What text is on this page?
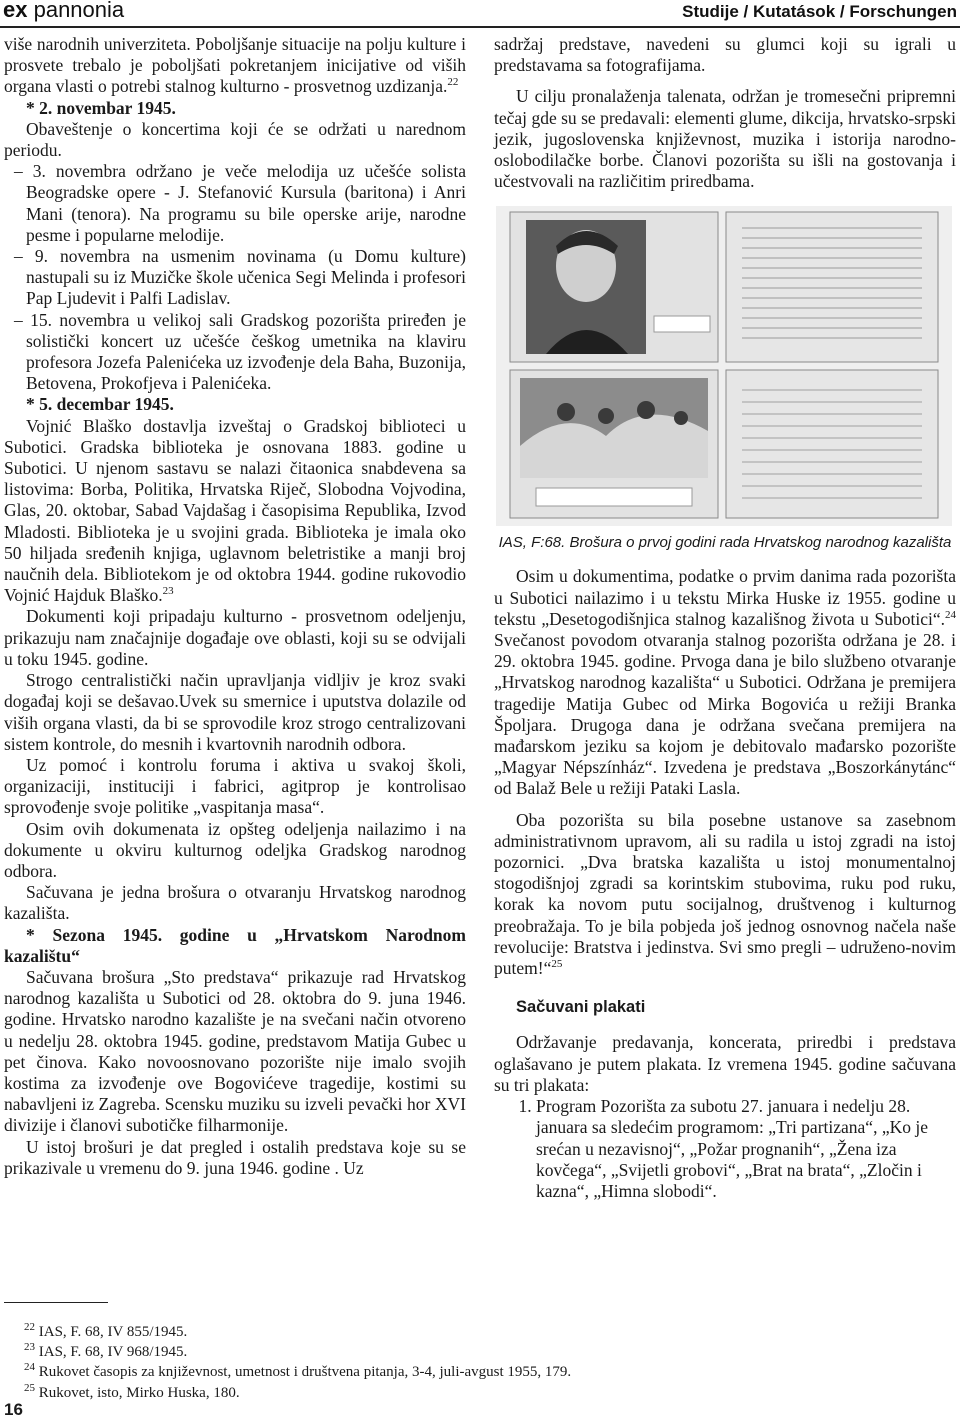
ex pannonia	Studije / Kutatások / Forschungen

više narodnih univerziteta. Poboljšanje situacije na polju kulture i prosvete trebalo je poboljšati pokretanjem inicijative od viših organa vlasti o potrebi stalnog kulturno - prosvetnog uzdizanja.$^{22}$

* 2. novembar 1945.

Obaveštenje o koncertima koji će se održati u narednom periodu.

– 3. novembra održano je veče melodija uz učešće solista Beogradske opere - J. Stefanović Kursula (baritona) i Anri Mani (tenora). Na programu su bile operske arije, narodne pesme i popularne melodije.

– 9. novembra na usmenim novinama (u Domu kulture) nastupali su iz Muzičke škole učenica Segi Melinda i profesori Pap Ljudevit i Palfi Ladislav.

– 15. novembra u velikoj sali Gradskog pozorišta priređen je solistički koncert uz učešće češkog umetnika na klaviru profesora Jozefa Palenićeka uz izvođenje dela Baha, Buzonija, Betovena, Prokofjeva i Palenićeka.

* 5. decembar 1945.

Vojnić Blaško dostavlja izveštaj o Gradskoj biblioteci u Subotici. Gradska biblioteka je osnovana 1883. godine u Subotici. U njenom sastavu se nalazi čitaonica snabdevena sa listovima: Borba, Politika, Hrvatska Riječ, Slobodna Vojvodina, Glas, 20. oktobar, Sabad Vajdašag i časopisima Republika, Izvod Mladosti. Biblioteka je u svojini grada. Biblioteka je imala oko 50 hiljada sređenih knjiga, uglavnom beletristike a manji broj naučnih dela. Bibliotekom je od oktobra 1944. godine rukovodio Vojnić Hajduk Blaško.$^{23}$

Dokumenti koji pripadaju kulturno - prosvetnom odeljenju, prikazuju nam značajnije događaje ove oblasti, koji su se odvijali u toku 1945. godine.

Strogo centralistički način upravljanja vidljiv je kroz svaki događaj koji se dešavao.Uvek su smernice i uputstva dolazile od viših organa vlasti, da bi se sprovodile kroz strogo centralizovani sistem kontrole, do mesnih i kvartovnih narodnih odbora.

Uz pomoć i kontrolu foruma i aktiva u svakoj školi, organizaciji, instituciji i fabrici, agitprop je kontrolisao sprovođenje svoje politike „vaspitanja masa“.

Osim ovih dokumenata iz opšteg odeljenja nailazimo i na dokumente u okviru kulturnog odeljka Gradskog narodnog odbora.

Sačuvana je jedna brošura o otvaranju Hrvatskog narodnog kazališta.

* Sezona 1945. godine u „Hrvatskom Narodnom kazalištu“

Sačuvana brošura „Sto predstava“ prikazuje rad Hrvatskog narodnog kazališta u Subotici od 28. oktobra do 9. juna 1946. godine. Hrvatsko narodno kazalište je na svečani način otvoreno u nedelju 28. oktobra 1945. godine, predstavom Matija Gubec u pet činova. Kako novoosnovano pozorište nije imalo svojih kostima za izvođenje ove Bogovićeve tragedije, kostimi su nabavljeni iz Zagreba. Scensku muziku su izveli pevački hor XVI divizije i članovi subotičke filharmonije.

U istoj brošuri je dat pregled i ostalih predstava koje su se prikazivale u vremenu do 9. juna 1946. godine . Uz

sadržaj predstave, navedeni su glumci koji su igrali u predstavama sa fotografijama.

U cilju pronalaženja talenata, održan je tromesečni pripremni tečaj gde su se predavali: elementi glume, dikcija, hrvatsko-srpski jezik, jugoslovenska književnost, muzika i istorija narodno-oslobodilačke borbe. Članovi pozorišta su išli na gostovanja i učestvovali na različitim priredbama.

IAS, F:68. Brošura o prvoj godini rada Hrvatskog narodnog kazališta

Osim u dokumentima, podatke o prvim danima rada pozorišta u Subotici nailazimo i u tekstu Mirka Huske iz 1955. godine u tekstu „Desetogodišnjica stalnog kazališnog života u Subotici“.$^{24}$ Svečanost povodom otvaranja stalnog pozorišta održana je 28. i 29. oktobra 1945. godine. Prvoga dana je bilo službeno otvaranje „Hrvatskog narodnog kazališta“ u Subotici. Održana je premijera tragedije Matija Gubec od Mirka Bogovića u režiji Branka Špoljara. Drugoga dana je održana svečana premijera na mađarskom jeziku sa kojom je debitovalo mađarsko pozorište „Magyar Népszínház“. Izvedena je predstava „Boszorkánytánc“ od Balaž Bele u režiji Pataki Lasla.

Oba pozorišta su bila posebne ustanove sa zasebnom administrativnom upravom, ali su radila u istoj zgradi na istoj pozornici. „Dva bratska kazališta u istoj monumentalnoj stogodišnjoj zgradi sa korintskim stubovima, ruku pod ruku, korak ka novom putu socijalnog, društvenog i kulturnog preobražaja. To je bila pobjeda još jednog osnovnog načela naše revolucije: Bratstva i jedinstva. Svi smo pregli – udruženo-novim putem!“$^{25}$

Sačuvani plakati

Održavanje predavanja, koncerata, priredbi i predstava oglašavano je putem plakata. Iz vremena 1945. godine sačuvana su tri plakata:

1. Program Pozorišta za subotu 27. januara i nedelju 28. januara sa sledećim programom: „Tri partizana“, „Ko je srećan u nezavisnoj“, „Požar prognanih“, „Žena iza kovčega“, „Svijetli grobovi“, „Brat na brata“, „Zločin i kazna“, „Himna slobodi“.
$^{22}$ IAS, F. 68, IV 855/1945.
$^{23}$ IAS, F. 68, IV 968/1945.
$^{24}$ Rukovet časopis za književnost, umetnost i društvena pitanja, 3-4, juli-avgust 1955, 179.
$^{25}$ Rukovet, isto, Mirko Huska, 180.
16
